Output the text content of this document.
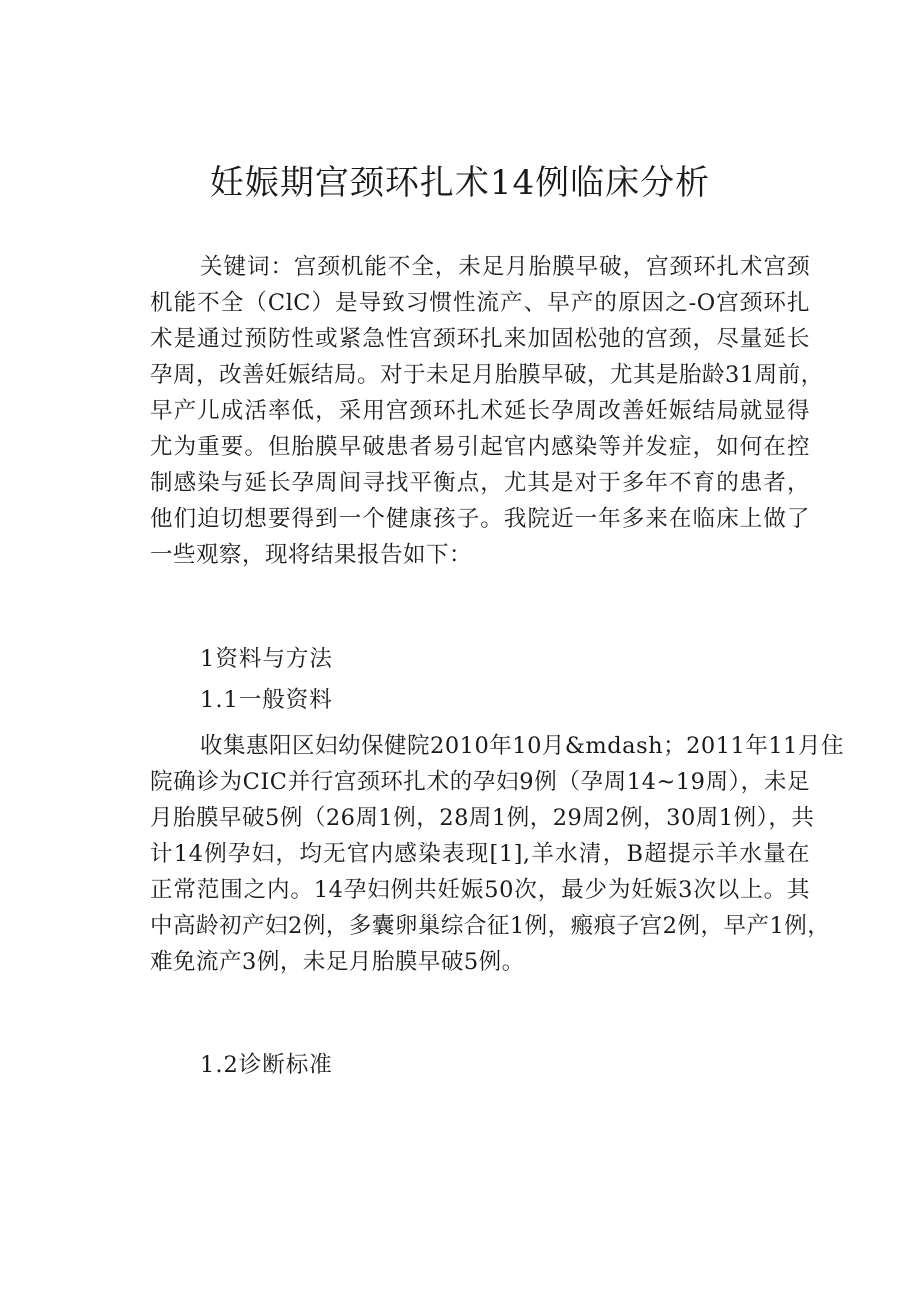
妊娠期宫颈环扎术14例临床分析
关键词：宫颈机能不全，未足月胎膜早破，宫颈环扎术宫颈
机能不全（ClC）是导致习惯性流产、早产的原因之-O宫颈环扎
术是通过预防性或紧急性宫颈环扎来加固松弛的宫颈，尽量延长
孕周，改善妊娠结局。对于未足月胎膜早破，尤其是胎龄31周前，
早产儿成活率低，采用宫颈环扎术延长孕周改善妊娠结局就显得
尤为重要。但胎膜早破患者易引起官内感染等并发症，如何在控
制感染与延长孕周间寻找平衡点，尤其是对于多年不育的患者，
他们迫切想要得到一个健康孩子。我院近一年多来在临床上做了
一些观察，现将结果报告如下：
1资料与方法
1.1一般资料
收集惠阳区妇幼保健院2010年10月&mdash；2011年11月住
院确诊为CIC并行宫颈环扎术的孕妇9例（孕周14~19周），未足
月胎膜早破5例（26周1例，28周1例，29周2例，30周1例），共
计14例孕妇，均无官内感染表现[1],羊水清，B超提示羊水量在
正常范围之内。14孕妇例共妊娠50次，最少为妊娠3次以上。其
中高龄初产妇2例，多囊卵巢综合征1例，瘢痕子宫2例，早产1例，
难免流产3例，未足月胎膜早破5例。
1.2诊断标准
